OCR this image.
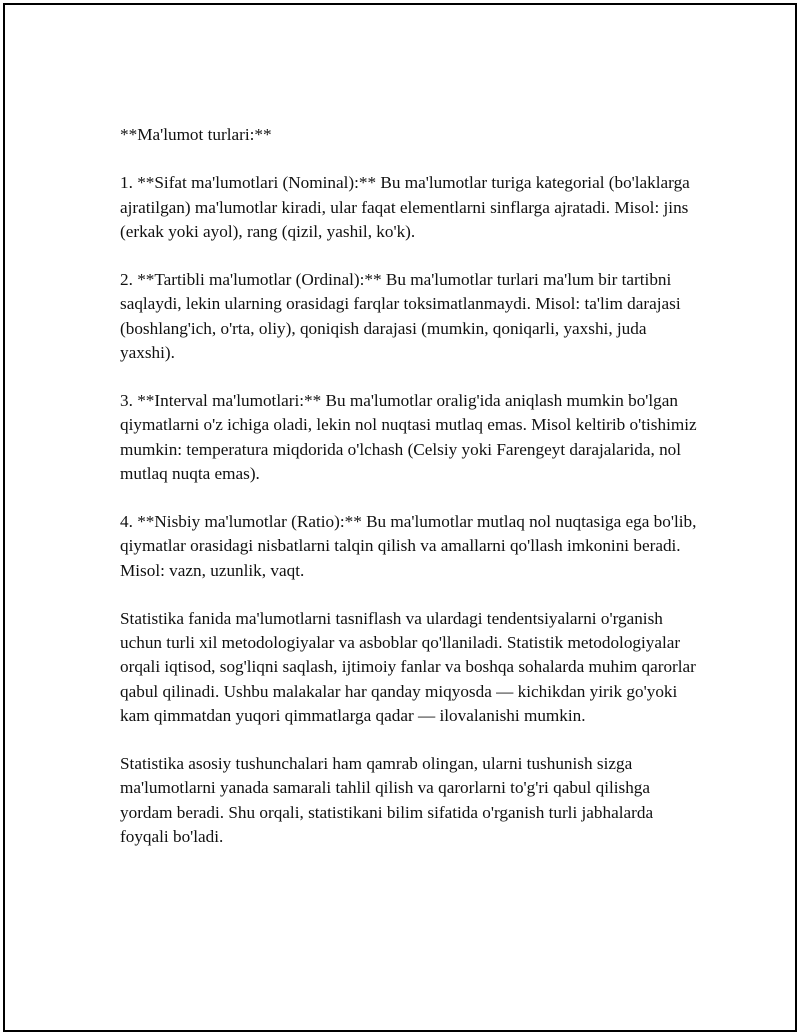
**Ma'lumot turlari:**

1. **Sifat ma'lumotlari (Nominal):** Bu ma'lumotlar turiga kategorial (bo'laklarga ajratilgan) ma'lumotlar kiradi, ular faqat elementlarni sinflarga ajratadi. Misol: jins (erkak yoki ayol), rang (qizil, yashil, ko'k).

2. **Tartibli ma'lumotlar (Ordinal):** Bu ma'lumotlar turlari ma'lum bir tartibni saqlaydi, lekin ularning orasidagi farqlar toksimatlanmaydi. Misol: ta'lim darajasi (boshlang'ich, o'rta, oliy), qoniqish darajasi (mumkin, qoniqarli, yaxshi, juda yaxshi).

3. **Interval ma'lumotlari:** Bu ma'lumotlar oralig'ida aniqlash mumkin bo'lgan qiymatlarni o'z ichiga oladi, lekin nol nuqtasi mutlaq emas. Misol keltirib o'tishimiz mumkin: temperatura miqdorida o'lchash (Celsiy yoki Farengeyt darajalarida, nol mutlaq nuqta emas).

4. **Nisbiy ma'lumotlar (Ratio):** Bu ma'lumotlar mutlaq nol nuqtasiga ega bo'lib, qiymatlar orasidagi nisbatlarni talqin qilish va amallarni qo'llash imkonini beradi. Misol: vazn, uzunlik, vaqt.

Statistika fanida ma'lumotlarni tasniflash va ulardagi tendentsiyalarni o'rganish uchun turli xil metodologiyalar va asboblar qo'llaniladi. Statistik metodologiyalar orqali iqtisod, sog'liqni saqlash, ijtimoiy fanlar va boshqa sohalarda muhim qarorlar qabul qilinadi. Ushbu malakalar har qanday miqyosda — kichikdan yirik go'yoki kam qimmatdan yuqori qimmatlarga qadar — ilovalanishi mumkin.

Statistika asosiy tushunchalari ham qamrab olingan, ularni tushunish sizga ma'lumotlarni yanada samarali tahlil qilish va qarorlarni to'g'ri qabul qilishga yordam beradi. Shu orqali, statistikani bilim sifatida o'rganish turli jabhalarda foyqali bo'ladi.
